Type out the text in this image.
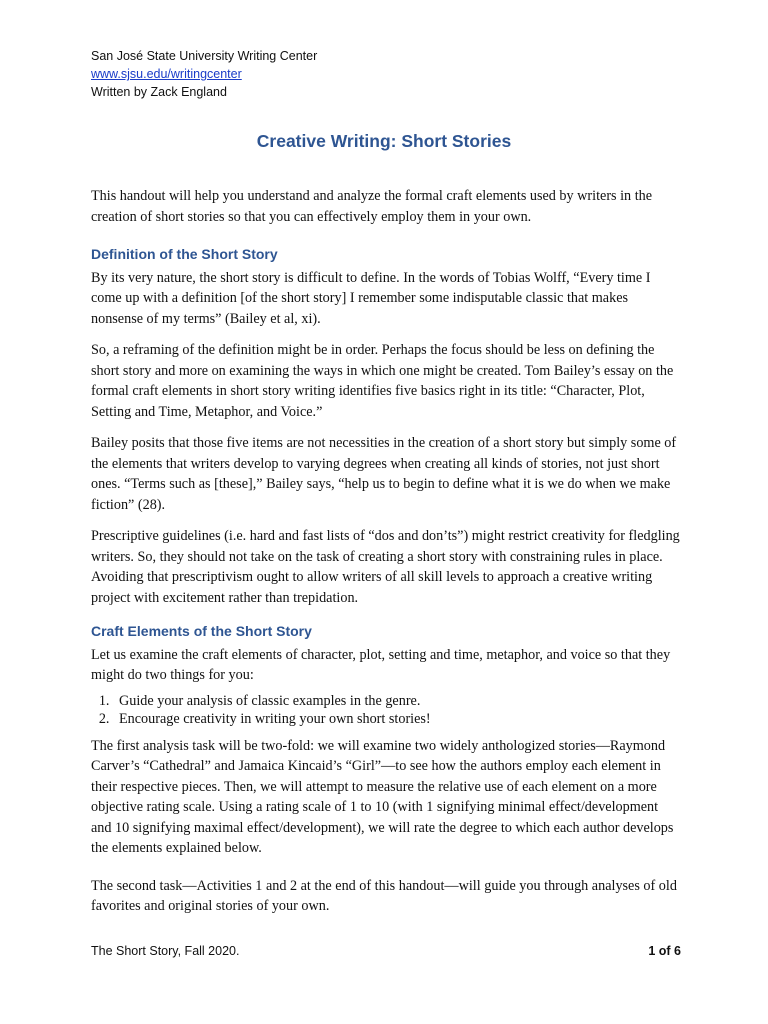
San José State University Writing Center
www.sjsu.edu/writingcenter
Written by Zack England
Creative Writing: Short Stories

This handout will help you understand and analyze the formal craft elements used by writers in the creation of short stories so that you can effectively employ them in your own.

Definition of the Short Story

By its very nature, the short story is difficult to define. In the words of Tobias Wolff, “Every time I come up with a definition [of the short story] I remember some indisputable classic that makes nonsense of my terms” (Bailey et al, xi).

So, a reframing of the definition might be in order. Perhaps the focus should be less on defining the short story and more on examining the ways in which one might be created. Tom Bailey’s essay on the formal craft elements in short story writing identifies five basics right in its title: “Character, Plot, Setting and Time, Metaphor, and Voice.”

Bailey posits that those five items are not necessities in the creation of a short story but simply some of the elements that writers develop to varying degrees when creating all kinds of stories, not just short ones. “Terms such as [these],” Bailey says, “help us to begin to define what it is we do when we make fiction” (28).

Prescriptive guidelines (i.e. hard and fast lists of “dos and don’ts”) might restrict creativity for fledgling writers. So, they should not take on the task of creating a short story with constraining rules in place. Avoiding that prescriptivism ought to allow writers of all skill levels to approach a creative writing project with excitement rather than trepidation.

Craft Elements of the Short Story

Let us examine the craft elements of character, plot, setting and time, metaphor, and voice so that they might do two things for you:

1. Guide your analysis of classic examples in the genre.
2. Encourage creativity in writing your own short stories!

The first analysis task will be two-fold: we will examine two widely anthologized stories—Raymond Carver’s “Cathedral” and Jamaica Kincaid’s “Girl”—to see how the authors employ each element in their respective pieces. Then, we will attempt to measure the relative use of each element on a more objective rating scale. Using a rating scale of 1 to 10 (with 1 signifying minimal effect/development and 10 signifying maximal effect/development), we will rate the degree to which each author develops the elements explained below.

The second task—Activities 1 and 2 at the end of this handout—will guide you through analyses of old favorites and original stories of your own.

The Short Story, Fall 2020.	1 of 6
